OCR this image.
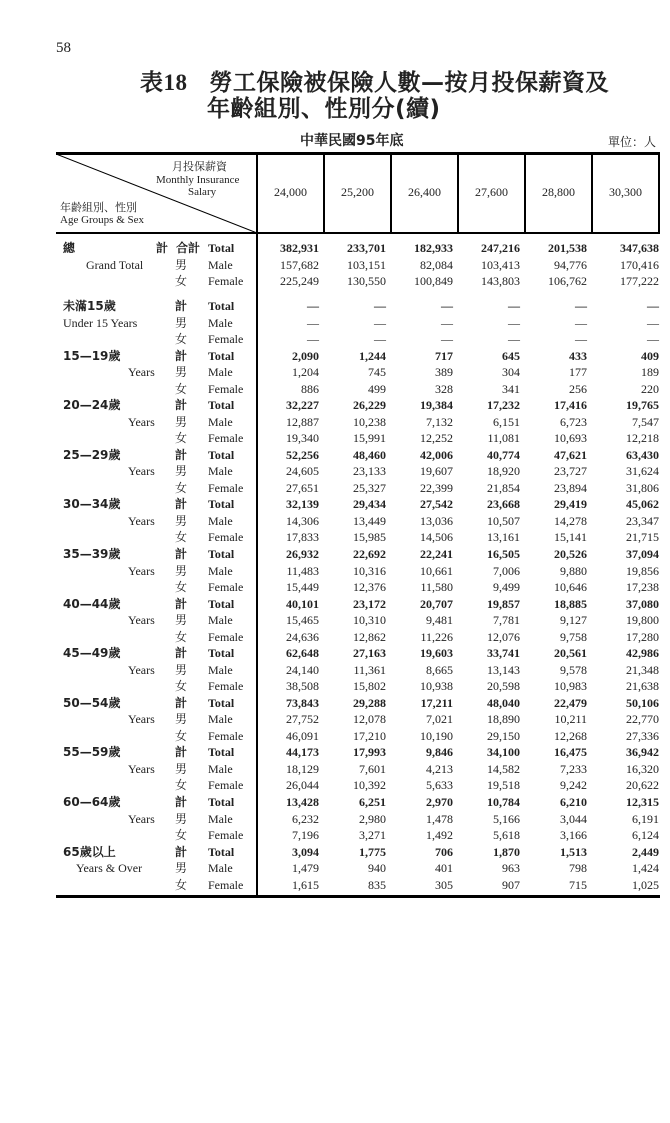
58
表18 勞工保險被保險人數—按月投保薪資及
年齡組別、性別分(續)
中華民國95年底	單位：人
月投保薪資
Monthly Insurance
Salary
年齡組別、性別
Age Groups & Sex
24,000	25,200	26,400	27,600	28,800	30,300
總	計 合計 Total	382,931	233,701	182,933	247,216	201,538	347,638
Grand Total	男 Male	157,682	103,151	82,084	103,413	94,776	170,416
女 Female	225,249	130,550	100,849	143,803	106,762	177,222
未滿15歲	計 Total	—	—	—	—	—	—
Under 15 Years	男 Male	—	—	—	—	—	—
女 Female	—	—	—	—	—	—
15—19歲	計 Total	2,090	1,244	717	645	433	409
Years 男 Male	1,204	745	389	304	177	189
女 Female	886	499	328	341	256	220
20—24歲	計 Total	32,227	26,229	19,384	17,232	17,416	19,765
Years 男 Male	12,887	10,238	7,132	6,151	6,723	7,547
女 Female	19,340	15,991	12,252	11,081	10,693	12,218
25—29歲	計 Total	52,256	48,460	42,006	40,774	47,621	63,430
Years 男 Male	24,605	23,133	19,607	18,920	23,727	31,624
女 Female	27,651	25,327	22,399	21,854	23,894	31,806
30—34歲	計 Total	32,139	29,434	27,542	23,668	29,419	45,062
Years 男 Male	14,306	13,449	13,036	10,507	14,278	23,347
女 Female	17,833	15,985	14,506	13,161	15,141	21,715
35—39歲	計 Total	26,932	22,692	22,241	16,505	20,526	37,094
Years 男 Male	11,483	10,316	10,661	7,006	9,880	19,856
女 Female	15,449	12,376	11,580	9,499	10,646	17,238
40—44歲	計 Total	40,101	23,172	20,707	19,857	18,885	37,080
Years 男 Male	15,465	10,310	9,481	7,781	9,127	19,800
女 Female	24,636	12,862	11,226	12,076	9,758	17,280
45—49歲	計 Total	62,648	27,163	19,603	33,741	20,561	42,986
Years 男 Male	24,140	11,361	8,665	13,143	9,578	21,348
女 Female	38,508	15,802	10,938	20,598	10,983	21,638
50—54歲	計 Total	73,843	29,288	17,211	48,040	22,479	50,106
Years 男 Male	27,752	12,078	7,021	18,890	10,211	22,770
女 Female	46,091	17,210	10,190	29,150	12,268	27,336
55—59歲	計 Total	44,173	17,993	9,846	34,100	16,475	36,942
Years 男 Male	18,129	7,601	4,213	14,582	7,233	16,320
女 Female	26,044	10,392	5,633	19,518	9,242	20,622
60—64歲	計 Total	13,428	6,251	2,970	10,784	6,210	12,315
Years 男 Male	6,232	2,980	1,478	5,166	3,044	6,191
女 Female	7,196	3,271	1,492	5,618	3,166	6,124
65歲以上	計 Total	3,094	1,775	706	1,870	1,513	2,449
Years & Over	男 Male	1,479	940	401	963	798	1,424
女 Female	1,615	835	305	907	715	1,025
